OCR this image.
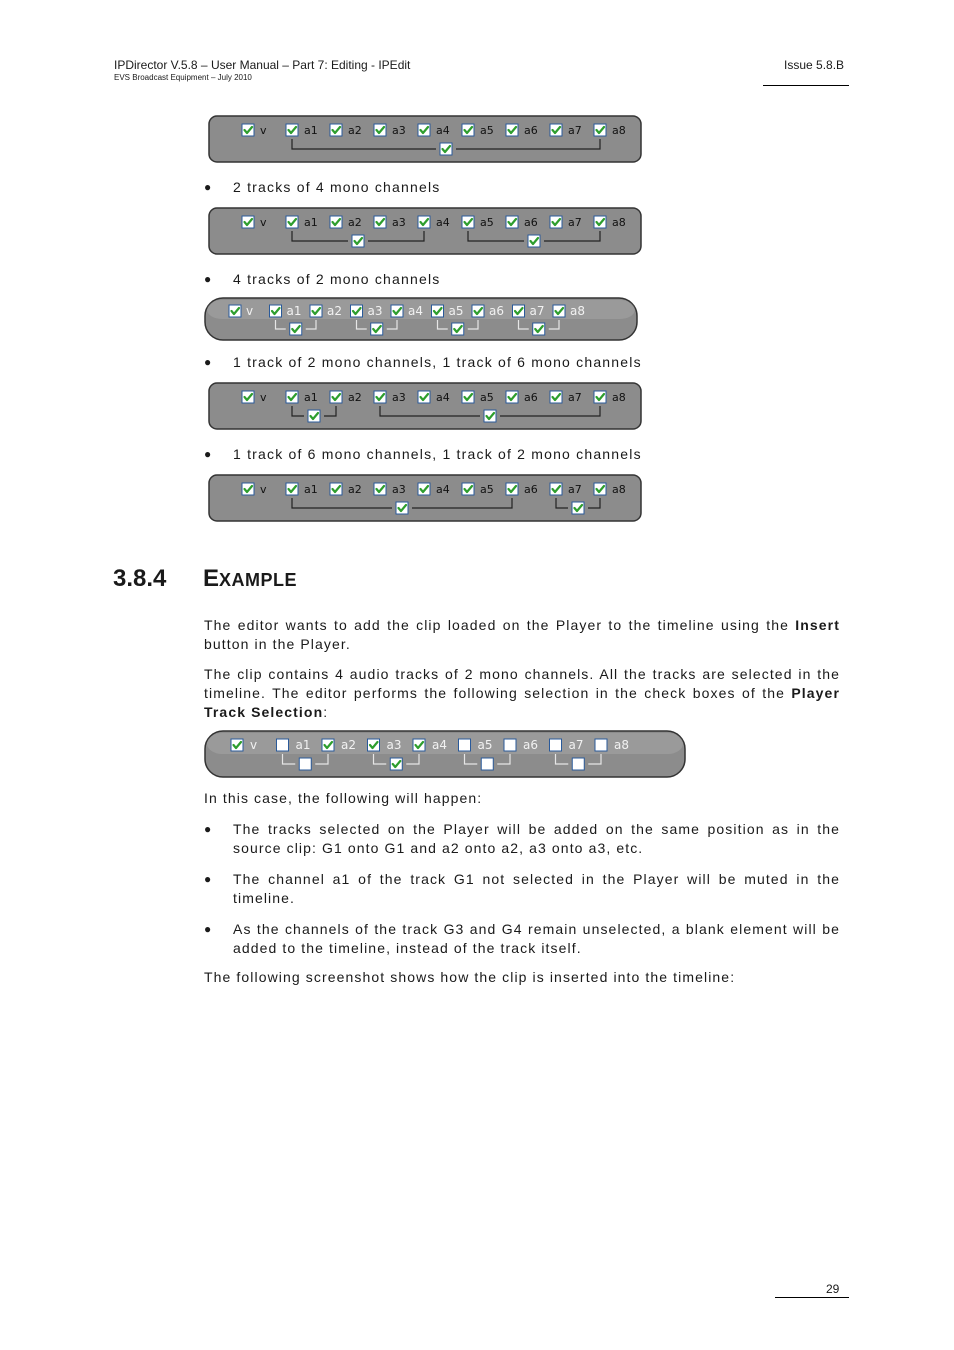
IPDirector V.5.8 – User Manual – Part 7: Editing - IPEdit
EVS Broadcast Equipment – July 2010
Issue 5.8.B
v	a1	a2	a3	a4	a5	a6	a7	a8
● 2 tracks of 4 mono channels
v	a1	a2	a3	a4	a5	a6	a7	a8
● 4 tracks of 2 mono channels
v	a1 a2 a3 a4 a5 a6 a7 a8
● 1 track of 2 mono channels, 1 track of 6 mono channels
v	a1	a2	a3	a4	a5	a6	a7	a8
● 1 track of 6 mono channels, 1 track of 2 mono channels
v	a1	a2	a3	a4	a5	a6	a7	a8
3.8.4 EXAMPLE
The editor wants to add the clip loaded on the Player to the timeline using the Insert button in the Player.
The clip contains 4 audio tracks of 2 mono channels. All the tracks are selected in the timeline. The editor performs the following selection in the check boxes of the Player Track Selection:
v	a1	a2	a3	a4	a5	a6	a7	a8
In this case, the following will happen:
● The tracks selected on the Player will be added on the same position as in the source clip: G1 onto G1 and a2 onto a2, a3 onto a3, etc.
● The channel a1 of the track G1 not selected in the Player will be muted in the timeline.
● As the channels of the track G3 and G4 remain unselected, a blank element will be added to the timeline, instead of the track itself.
The following screenshot shows how the clip is inserted into the timeline:
29
